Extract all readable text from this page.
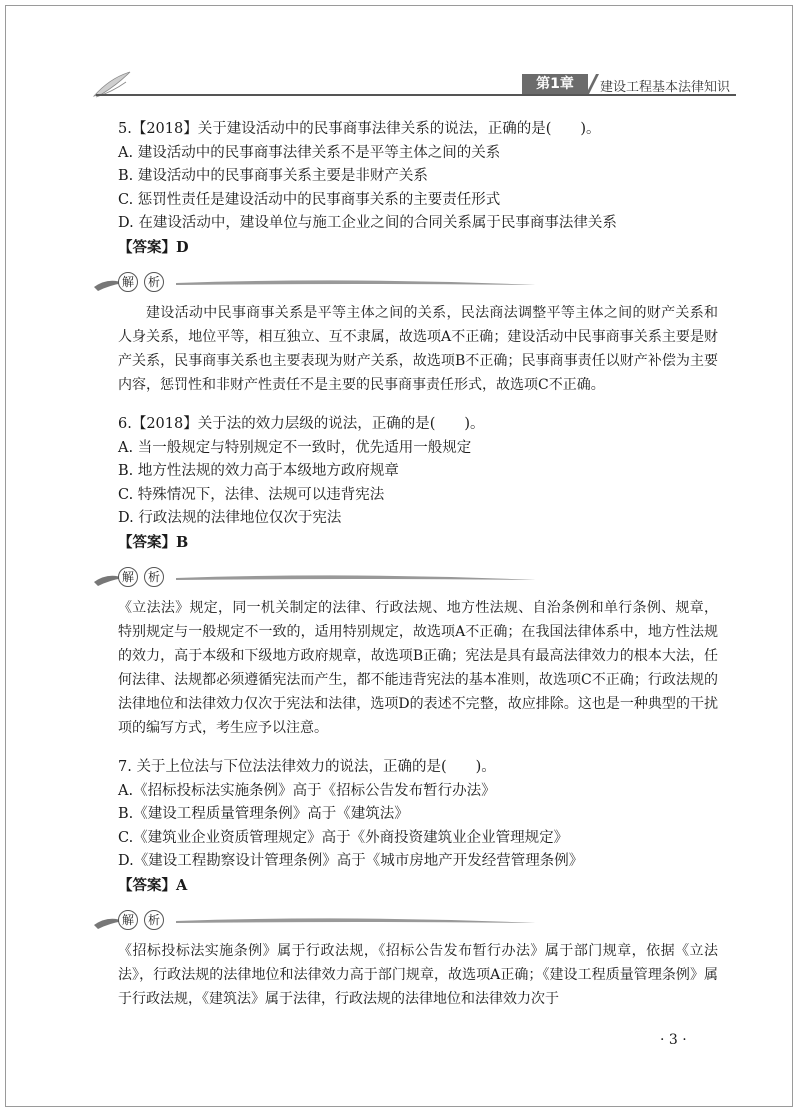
第1章	建设工程基本法律知识
5.【2018】关于建设活动中的民事商事法律关系的说法，正确的是(　　)。
A. 建设活动中的民事商事法律关系不是平等主体之间的关系
B. 建设活动中的民事商事关系主要是非财产关系
C. 惩罚性责任是建设活动中的民事商事关系的主要责任形式
D. 在建设活动中，建设单位与施工企业之间的合同关系属于民事商事法律关系
【答案】D
解	析
建设活动中民事商事关系是平等主体之间的关系，民法商法调整平等主体之间的财产关系和人身关系，地位平等，相互独立、互不隶属，故选项A不正确；建设活动中民事商事关系主要是财产关系，民事商事关系也主要表现为财产关系，故选项B不正确；民事商事责任以财产补偿为主要内容，惩罚性和非财产性责任不是主要的民事商事责任形式，故选项C不正确。
6.【2018】关于法的效力层级的说法，正确的是(　　)。
A. 当一般规定与特别规定不一致时，优先适用一般规定
B. 地方性法规的效力高于本级地方政府规章
C. 特殊情况下，法律、法规可以违背宪法
D. 行政法规的法律地位仅次于宪法
【答案】B
解	析
《立法法》规定，同一机关制定的法律、行政法规、地方性法规、自治条例和单行条例、规章，特别规定与一般规定不一致的，适用特别规定，故选项A不正确；在我国法律体系中，地方性法规的效力，高于本级和下级地方政府规章，故选项B正确；宪法是具有最高法律效力的根本大法，任何法律、法规都必须遵循宪法而产生，都不能违背宪法的基本准则，故选项C不正确；行政法规的法律地位和法律效力仅次于宪法和法律，选项D的表述不完整，故应排除。这也是一种典型的干扰项的编写方式，考生应予以注意。
7. 关于上位法与下位法法律效力的说法，正确的是(　　)。
A.《招标投标法实施条例》高于《招标公告发布暂行办法》
B.《建设工程质量管理条例》高于《建筑法》
C.《建筑业企业资质管理规定》高于《外商投资建筑业企业管理规定》
D.《建设工程勘察设计管理条例》高于《城市房地产开发经营管理条例》
【答案】A
解	析
《招标投标法实施条例》属于行政法规，《招标公告发布暂行办法》属于部门规章，依据《立法法》，行政法规的法律地位和法律效力高于部门规章，故选项A正确；《建设工程质量管理条例》属于行政法规，《建筑法》属于法律，行政法规的法律地位和法律效力次于
· 3 ·
